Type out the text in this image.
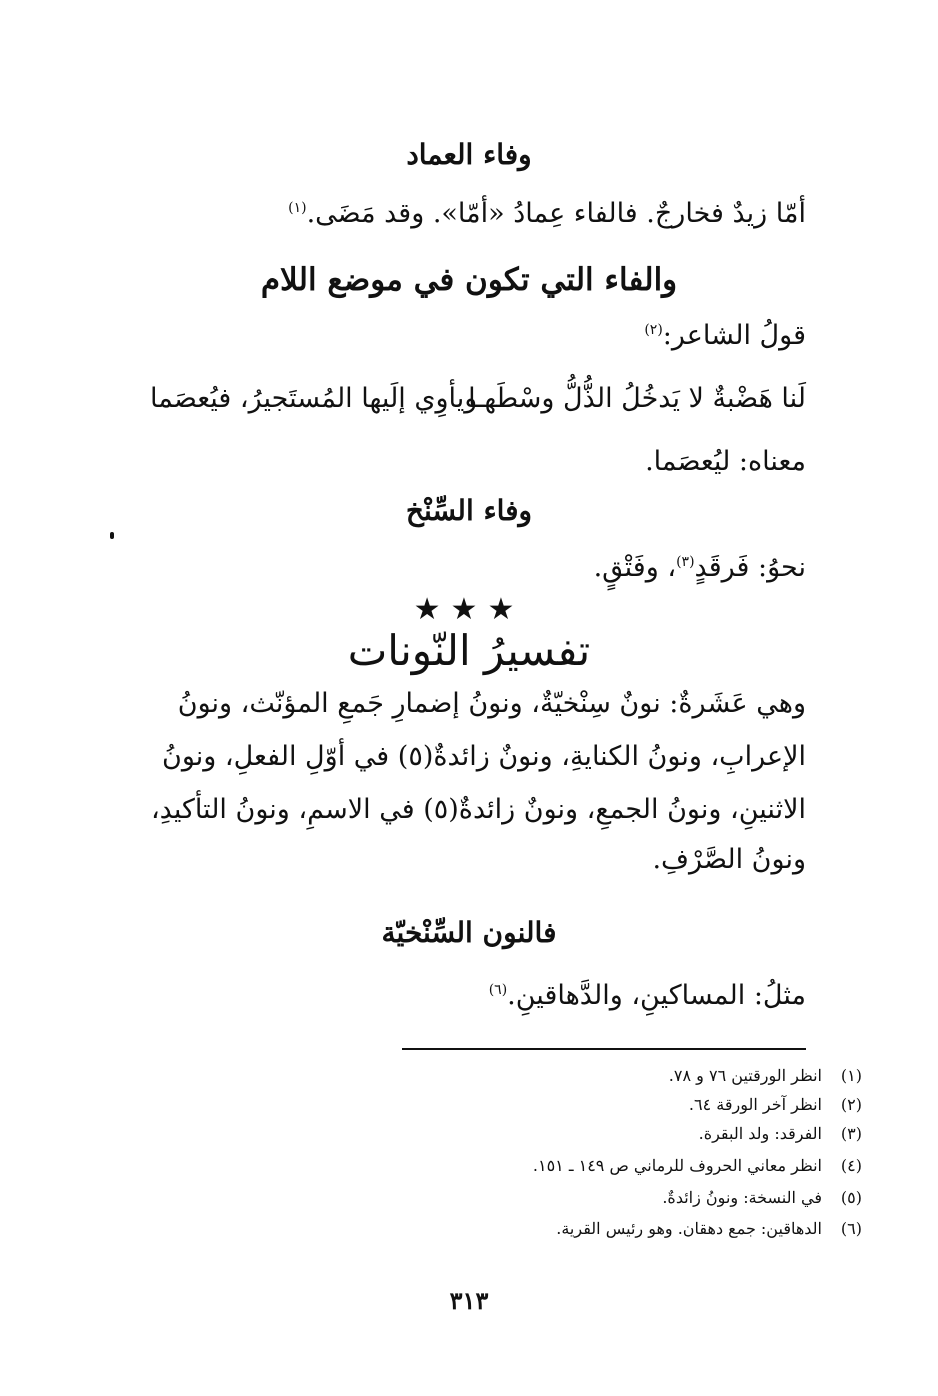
وفاء العماد
أمّا زيدٌ فخارجٌ. فالفاء عِمادُ «أمّا». وقد مَضَى.$^{(١)}$
والفاء التي تكون في موضع اللام
قولُ الشاعر:$^{(٢)}$
لَنا هَضْبةٌ لا يَدخُلُ الذُّلُّ وسْطَهـا
ويأوِي إلَيها المُستَجيرُ، فيُعصَما
معناه: ليُعصَما.
وفاء السِّنْخ
نحوُ: فَرقَدٍ$^{(٣)}$، وفَتْقٍ.
★★★
تفسيرُ النّونات
وهي عَشَرةٌ: نونٌ سِنْخيّةٌ، ونونُ إضمارِ جَمعِ المؤنّث، ونونُ
الإعرابِ، ونونُ الكنايةِ، ونونٌ زائدةٌ(٥) في أوّلِ الفعلِ، ونونُ
الاثنينِ، ونونُ الجمعِ، ونونٌ زائدةٌ(٥) في الاسمِ، ونونُ التأكيدِ،
ونونُ الصَّرْفِ.
فالنون السِّنْخيّة
مثلُ: المساكينِ، والدَّهاقينِ.$^{(٦)}$
(١)انظر الورقتين ٧٦ و ٧٨.
(٢)انظر آخر الورقة ٦٤.
(٣)الفرقد: ولد البقرة.
(٤)انظر معاني الحروف للرماني ص ١٤٩ ـ ١٥١.
(٥)في النسخة: ونونُ زائدةٌ.
(٦)الدهاقين: جمع دهقان. وهو رئيس القرية.
٣١٣
